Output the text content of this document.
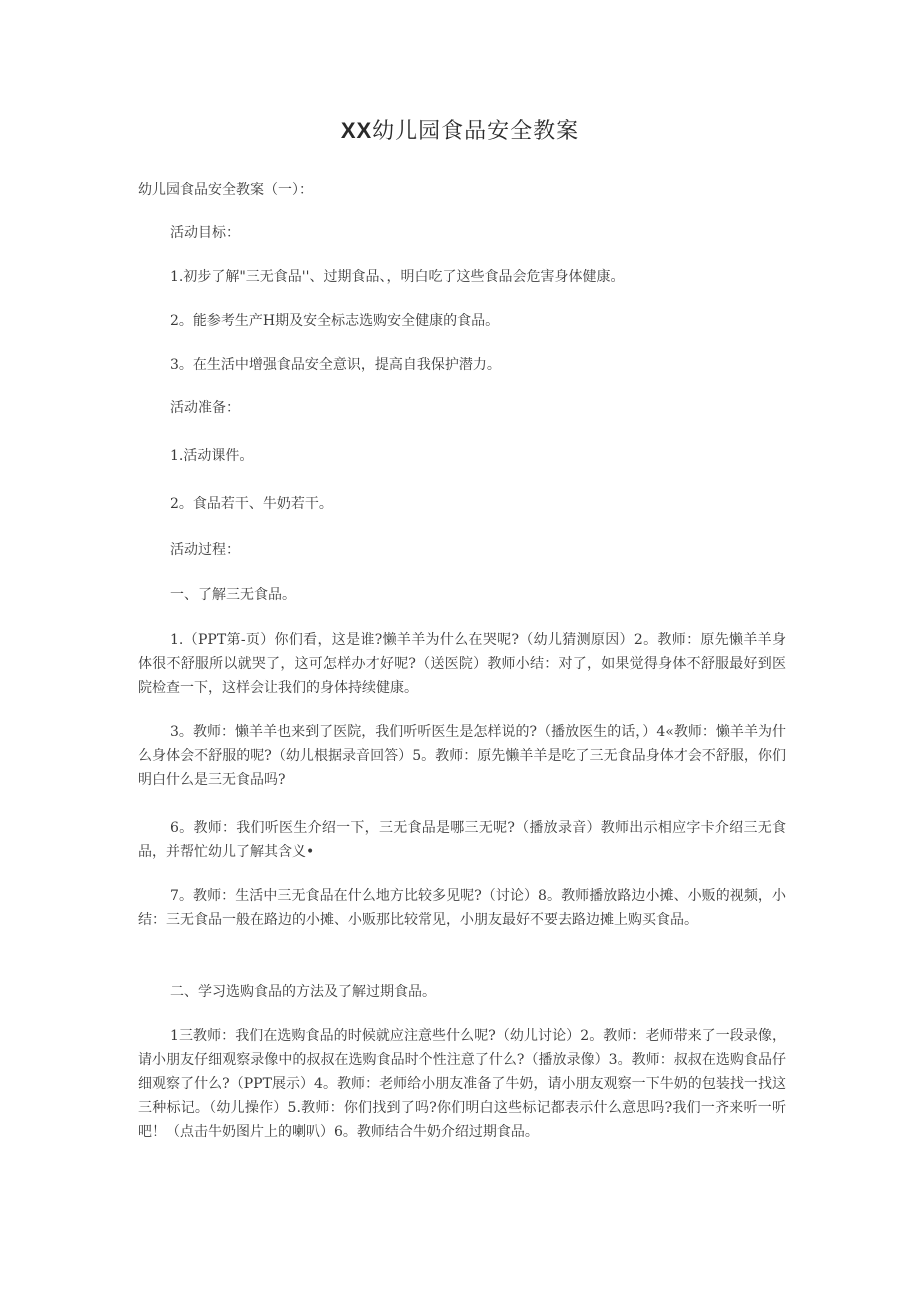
XX幼儿园食品安全教案
幼儿园食品安全教案（一）：
活动目标：
1.初步了解"三无食品''、过期食品、，明白吃了这些食品会危害身体健康。
2。能参考生产H期及安全标志选购安全健康的食品。
3。在生活中增强食品安全意识，提高自我保护潜力。
活动准备：
1.活动课件。
2。食品若干、牛奶若干。
活动过程：
一、了解三无食品。
1.（PPT第-页）你们看，这是谁?懒羊羊为什么在哭呢?（幼儿猜测原因）2。教师：原先懒羊羊身体很不舒服所以就哭了，这可怎样办才好呢?（送医院）教师小结：对了，如果觉得身体不舒服最好到医院检查一下，这样会让我们的身体持续健康。
3。教师：懒羊羊也来到了医院，我们听听医生是怎样说的?（播放医生的话，）4«教师：懒羊羊为什么身体会不舒服的呢?（幼儿根据录音回答）5。教师：原先懒羊羊是吃了三无食品身体才会不舒服，你们明白什么是三无食品吗?
6。教师：我们听医生介绍一下，三无食品是哪三无呢?（播放录音）教师出示相应字卡介绍三无食品，并帮忙幼儿了解其含义•
7。教师：生活中三无食品在什么地方比较多见呢?（讨论）8。教师播放路边小摊、小贩的视频，小结：三无食品一般在路边的小摊、小贩那比较常见，小朋友最好不要去路边摊上购买食品。
二、学习选购食品的方法及了解过期食品。
1三教师：我们在选购食品的时候就应注意些什么呢?（幼儿讨论）2。教师：老师带来了一段录像，请小朋友仔细观察录像中的叔叔在选购食品时个性注意了什么?（播放录像）3。教师：叔叔在选购食品仔细观察了什么?（PPT展示）4。教师：老师给小朋友准备了牛奶，请小朋友观察一下牛奶的包装找一找这三种标记。（幼儿操作）5.教师：你们找到了吗?你们明白这些标记都表示什么意思吗?我们一齐来听一听吧！（点击牛奶图片上的喇叭）6。教师结合牛奶介绍过期食品。
